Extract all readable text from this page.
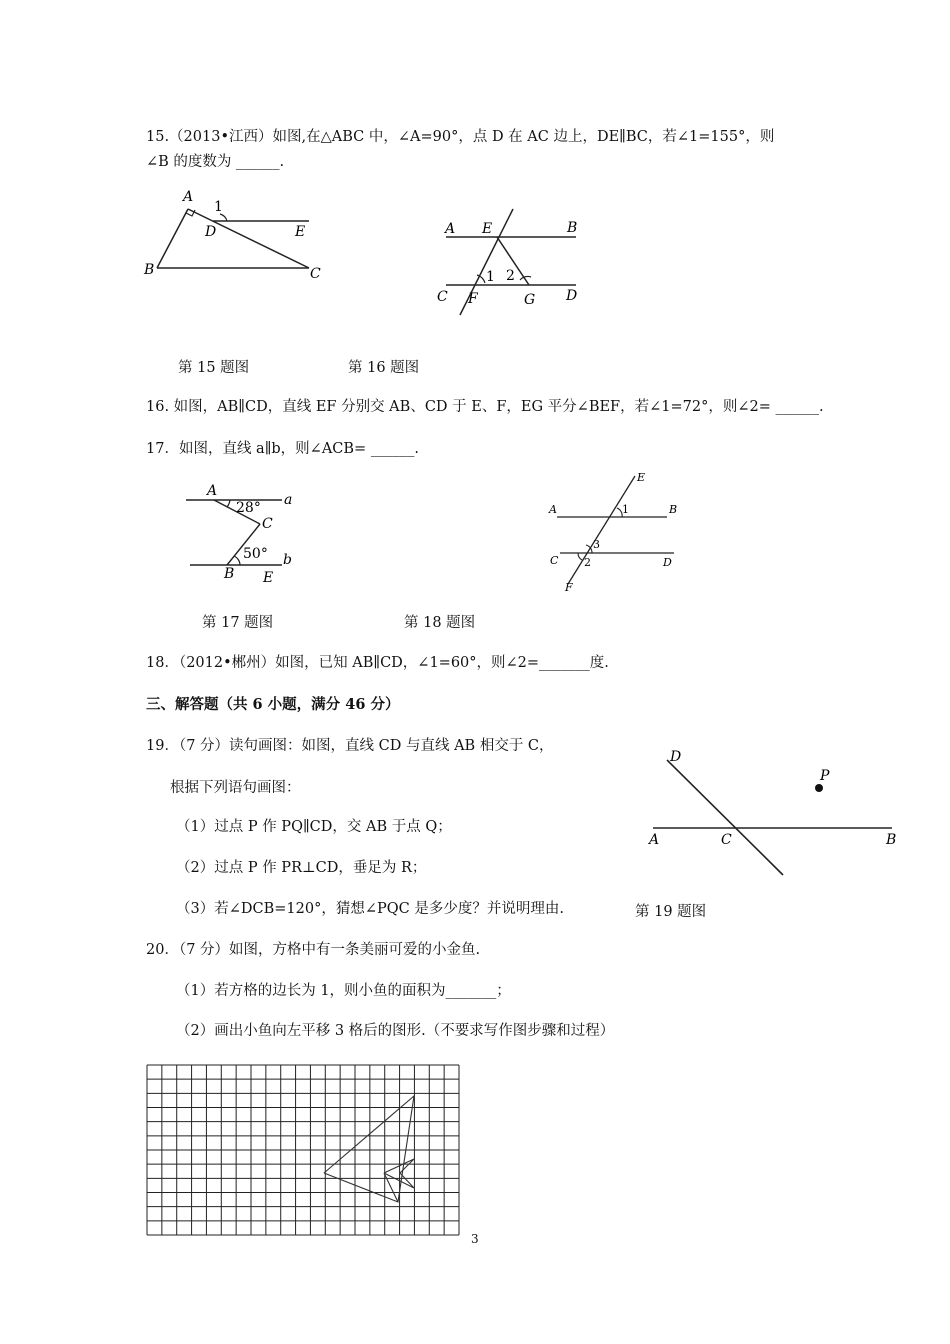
15.（2013•江西）如图,在△ABC 中，∠A=90°，点 D 在 AC 边上，DE∥BC，若∠1=155°，则
∠B 的度数为 ______.
A
1
D	E
B	C
A E	B
1 2
C F	G D
第 15 题图	第 16 题图
16. 如图，AB∥CD，直线 EF 分别交 AB、CD 于 E、F，EG 平分∠BEF，若∠1=72°，则∠2= ______.
17．如图，直线 a∥b，则∠ACB= ______.
A
28° a
C
50° b
B E
E
A	1	B
3
C 2	D
F
第 17 题图	第 18 题图
18．（2012•郴州）如图，已知 AB∥CD，∠1=60°，则∠2=_______度.
三、解答题（共 6 小题，满分 46 分）
19．（7 分）读句画图：如图，直线 CD 与直线 AB 相交于 C，
根据下列语句画图：
（1）过点 P 作 PQ∥CD，交 AB 于点 Q；
（2）过点 P 作 PR⊥CD，垂足为 R；
（3）若∠DCB=120°，猜想∠PQC 是多少度？并说明理由.	第 19 题图
D
P
A	C	B
20．（7 分）如图，方格中有一条美丽可爱的小金鱼.
（1）若方格的边长为 1，则小鱼的面积为_______；
（2）画出小鱼向左平移 3 格后的图形.（不要求写作图步骤和过程）
3
